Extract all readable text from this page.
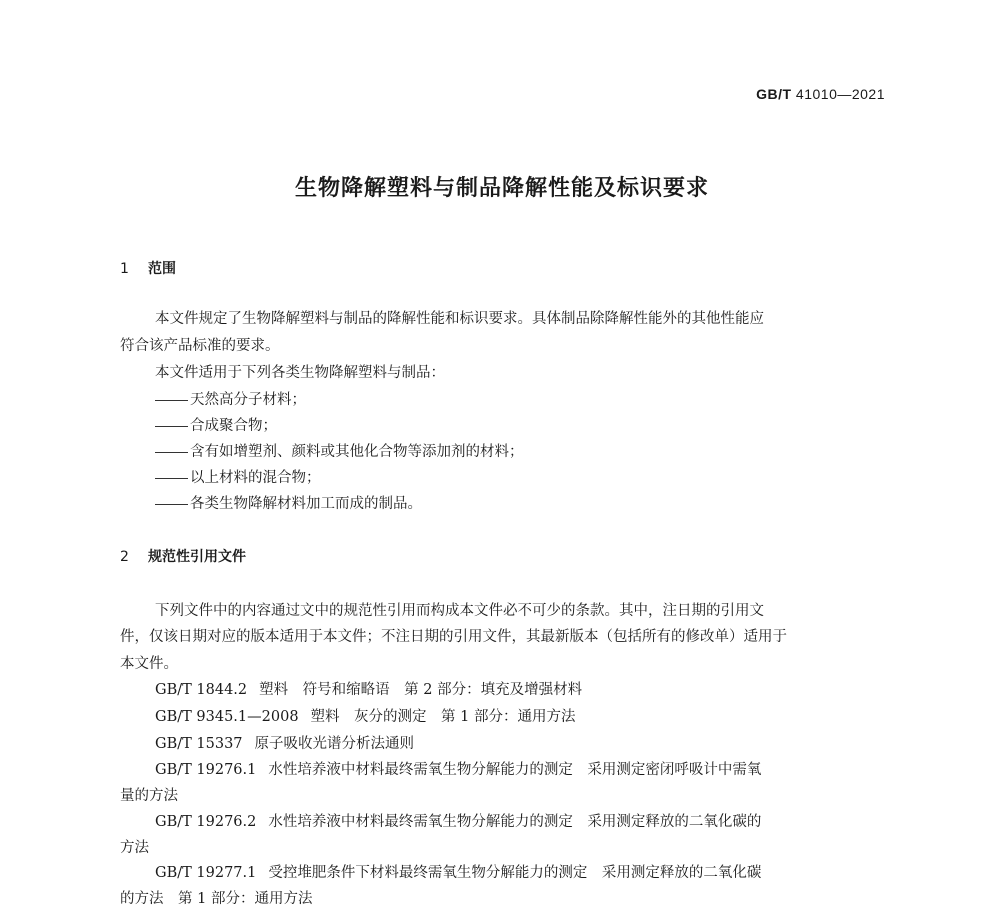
GB/T 41010—2021
生物降解塑料与制品降解性能及标识要求
1 范围
本文件规定了生物降解塑料与制品的降解性能和标识要求。具体制品除降解性能外的其他性能应
符合该产品标准的要求。
本文件适用于下列各类生物降解塑料与制品：
天然高分子材料；
合成聚合物；
含有如增塑剂、颜料或其他化合物等添加剂的材料；
以上材料的混合物；
各类生物降解材料加工而成的制品。
2 规范性引用文件
下列文件中的内容通过文中的规范性引用而构成本文件必不可少的条款。其中，注日期的引用文
件，仅该日期对应的版本适用于本文件；不注日期的引用文件，其最新版本（包括所有的修改单）适用于
本文件。
GB/T 1844.2 塑料　符号和缩略语　第 2 部分：填充及增强材料
GB/T 9345.1—2008 塑料　灰分的测定　第 1 部分：通用方法
GB/T 15337 原子吸收光谱分析法通则
GB/T 19276.1 水性培养液中材料最终需氧生物分解能力的测定　采用测定密闭呼吸计中需氧
量的方法
GB/T 19276.2 水性培养液中材料最终需氧生物分解能力的测定　采用测定释放的二氧化碳的
方法
GB/T 19277.1 受控堆肥条件下材料最终需氧生物分解能力的测定　采用测定释放的二氧化碳
的方法　第 1 部分：通用方法
